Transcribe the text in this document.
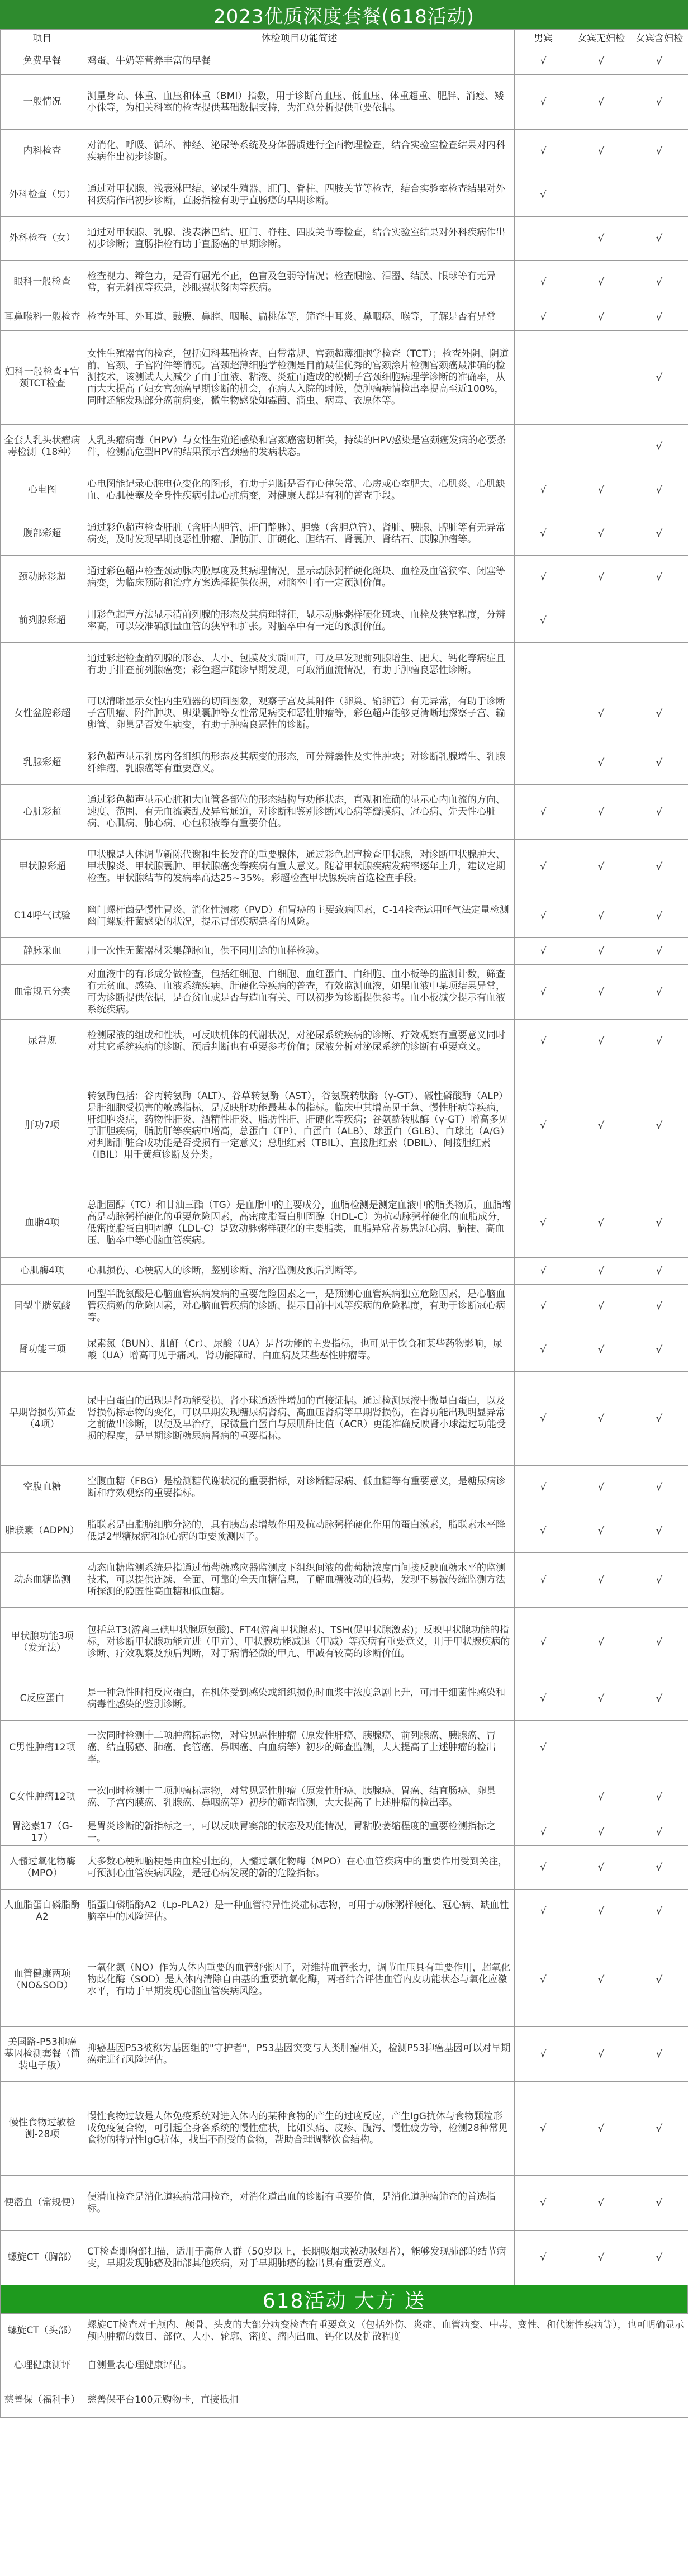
2023优质深度套餐(618活动)
项目	体检项目功能简述	男宾	女宾无妇检	女宾含妇检
免费早餐	鸡蛋、牛奶等营养丰富的早餐	√	√	√
一般情况	测量身高、体重、血压和体重（BMI）指数，用于诊断高血压、低血压、体重超重、肥胖、消瘦、矮小侏等，为相关科室的检查提供基础数据支持，为汇总分析提供重要依据。	√	√	√
内科检查	对消化、呼吸、循环、神经、泌尿等系统及身体器质进行全面物理检查，结合实验室检查结果对内科疾病作出初步诊断。	√	√	√
外科检查（男）	通过对甲状腺、浅表淋巴结、泌尿生殖器、肛门、脊柱、四肢关节等检查，结合实验室检查结果对外科疾病作出初步诊断，直肠指检有助于直肠癌的早期诊断。	√		
外科检查（女）	通过对甲状腺、乳腺、浅表淋巴结、肛门、脊柱、四肢关节等检查，结合实验室结果对外科疾病作出初步诊断；直肠指检有助于直肠癌的早期诊断。		√	√
眼科一般检查	检查视力、辩色力，是否有屈光不正，色盲及色弱等情况；检查眼睑、泪器、结膜、眼球等有无异常，有无斜视等疾患，沙眼翼状胬肉等疾病。	√	√	√
耳鼻喉科一般检查	检查外耳、外耳道、鼓膜、鼻腔、咽喉、扁桃体等，筛查中耳炎、鼻咽癌、喉等，了解是否有异常	√	√	√
妇科一般检查+宫颈TCT检查	女性生殖器官的检查，包括妇科基础检查、白带常规、宫颈超薄细胞学检查（TCT）；检查外阴、阴道前、宫颈、子宫附件等情况。宫颈超薄细胞学检测是目前最佳优秀的宫颈涂片检测宫颈癌最准确的检测技术，该测试大大减少了由于血液、粘液、炎症而造成的模糊子宫颈细胞病理学诊断的准确率，从而大大提高了妇女宫颈癌早期诊断的机会，在病人入院的时候，使肿瘤病情检出率提高至近100%，同时还能发现部分癌前病变，微生物感染如霉菌、滴虫、病毒、衣原体等。			√
全套人乳头状瘤病毒检测（18种）	人乳头瘤病毒（HPV）与女性生殖道感染和宫颈癌密切相关，持续的HPV感染是宫颈癌发病的必要条件，检测高危型HPV的结果预示宫颈癌的发病状态。			√
心电图	心电图能记录心脏电位变化的图形，有助于判断是否有心律失常、心房或心室肥大、心肌炎、心肌缺血、心肌梗塞及全身性疾病引起心脏病变，对健康人群是有利的普查手段。	√	√	√
腹部彩超	通过彩色超声检查肝脏（含肝内胆管、肝门静脉）、胆囊（含胆总管）、肾脏、胰腺、脾脏等有无异常病变，及时发现早期良恶性肿瘤、脂肪肝、肝硬化、胆结石、肾囊肿、肾结石、胰腺肿瘤等。	√	√	√
颈动脉彩超	通过彩色超声检查颈动脉内膜厚度及其病理情况，显示动脉粥样硬化斑块、血栓及血管狭窄、闭塞等病变，为临床预防和治疗方案选择提供依据，对脑卒中有一定预测价值。	√	√	√
前列腺彩超	用彩色超声方法显示清前列腺的形态及其病理特征，显示动脉粥样硬化斑块、血栓及狭窄程度，分辨率高，可以较准确测量血管的狭窄和扩张。对脑卒中有一定的预测价值。	√		
	通过彩超检查前列腺的形态、大小、包膜及实质回声，可及早发现前列腺增生、肥大、钙化等病症且有助于排查前列腺癌变；彩色超声随诊早期发现，可取消血流情况，有助于肿瘤良恶性诊断。			
女性盆腔彩超	可以清晰显示女性内生殖器的切面图象，观察子宫及其附件（卵巢、输卵管）有无异常，有助于诊断子宫肌瘤、附件肿块、卵巢囊肿等女性常见病变和恶性肿瘤等，彩色超声能够更清晰地探察子宫、输卵管、卵巢是否发生病变，有助于肿瘤良恶性的诊断。		√	√
乳腺彩超	彩色超声显示乳房内各组织的形态及其病变的形态，可分辨囊性及实性肿块；对诊断乳腺增生、乳腺纤维瘤、乳腺癌等有重要意义。		√	√
心脏彩超	通过彩色超声显示心脏和大血管各部位的形态结构与功能状态，直观和准确的显示心内血流的方向、速度、范围、有无血流紊乱及异常通道，对诊断和鉴别诊断风心病等瓣膜病、冠心病、先天性心脏病、心肌病、肺心病、心包积液等有重要价值。	√	√	√
甲状腺彩超	甲状腺是人体调节新陈代谢和生长发育的重要腺体，通过彩色超声检查甲状腺，对诊断甲状腺肿大、甲状腺炎、甲状腺囊肿、甲状腺癌变等疾病有重大意义。随着甲状腺疾病发病率逐年上升，建议定期检查。甲状腺结节的发病率高达25~35%。彩超检查甲状腺疾病首选检查手段。	√	√	√
C14呼气试验	幽门螺杆菌是慢性胃炎、消化性溃疡（PVD）和胃癌的主要致病因素，C-14检查运用呼气法定量检测幽门螺旋杆菌感染的状况，提示胃部疾病患者的风险。	√	√	√
静脉采血	用一次性无菌器材采集静脉血，供不同用途的血样检验。	√	√	√
血常规五分类	对血液中的有形成分做检查，包括红细胞、白细胞、血红蛋白、白细胞、血小板等的监测计数，筛查有无贫血、感染、血液系统疾病、肝硬化等疾病的普查，有效监测血液，如果血液中某项结果异常，可为诊断提供依据，是否贫血或是否与造血有关、可以初步为诊断提供参考。血小板减少提示有血液系统疾病。	√	√	√
尿常规	检测尿液的组成和性状，可反映机体的代谢状况，对泌尿系统疾病的诊断、疗效观察有重要意义同时对其它系统疾病的诊断、预后判断也有重要参考价值；尿液分析对泌尿系统的诊断有重要意义。	√	√	√
肝功7项	转氨酶包括：谷丙转氨酶（ALT）、谷草转氨酶（AST），谷氨酰转肽酶（γ-GT）、碱性磷酸酶（ALP）是肝细胞受损害的敏感指标，是反映肝功能最基本的指标。临床中其增高见于急、慢性肝病等疾病，肝细胞炎症，药物性肝炎、酒精性肝炎、脂肪性肝、肝硬化等疾病；谷氨酰转肽酶（γ-GT）增高多见于肝胆疾病，脂肪肝等疾病中增高，总蛋白（TP）、白蛋白（ALB）、球蛋白（GLB）、白球比（A/G）对判断肝脏合成功能是否受损有一定意义；总胆红素（TBIL）、直接胆红素（DBIL）、间接胆红素（IBIL）用于黄疸诊断及分类。	√	√	√
血脂4项	总胆固醇（TC）和甘油三酯（TG）是血脂中的主要成分，血脂检测是测定血液中的脂类物质，血脂增高是动脉粥样硬化的重要危险因素，高密度脂蛋白胆固醇（HDL-C）为抗动脉粥样硬化的血脂成分，低密度脂蛋白胆固醇（LDL-C）是致动脉粥样硬化的主要脂类，血脂异常者易患冠心病、脑梗、高血压、脑卒中等心脑血管疾病。	√	√	√
心肌酶4项	心肌损伤、心梗病人的诊断，鉴别诊断、治疗监测及预后判断等。	√	√	√
同型半胱氨酸	同型半胱氨酸是心脑血管疾病发病的重要危险因素之一，是预测心血管疾病独立危险因素，是心脑血管疾病新的危险因素，对心脑血管疾病的诊断、提示目前中风等疾病的危险程度，有助于诊断冠心病等。	√	√	√
肾功能三项	尿素氮（BUN）、肌酐（Cr）、尿酸（UA）是肾功能的主要指标，也可见于饮食和某些药物影响，尿酸（UA）增高可见于痛风、肾功能障碍、白血病及某些恶性肿瘤等。	√	√	√
早期肾损伤筛查（4项）	尿中白蛋白的出现是肾功能受损、肾小球通透性增加的直接证据。通过检测尿液中微量白蛋白，以及肾损伤标志物的变化，可以早期发现糖尿病肾病、高血压肾病等早期肾损伤，在肾功能出现明显异常之前做出诊断，以便及早治疗，尿微量白蛋白与尿肌酐比值（ACR）更能准确反映肾小球滤过功能受损的程度，是早期诊断糖尿病肾病的重要指标。	√	√	√
空腹血糖	空腹血糖（FBG）是检测糖代谢状况的重要指标，对诊断糖尿病、低血糖等有重要意义，是糖尿病诊断和疗效观察的重要指标。	√	√	√
脂联素（ADPN）	脂联素是由脂肪细胞分泌的，具有胰岛素增敏作用及抗动脉粥样硬化作用的蛋白激素，脂联素水平降低是2型糖尿病和冠心病的重要预测因子。	√	√	√
动态血糖监测	动态血糖监测系统是指通过葡萄糖感应器监测皮下组织间液的葡萄糖浓度而间接反映血糖水平的监测技术，可以提供连续、全面、可靠的全天血糖信息，了解血糖波动的趋势，发现不易被传统监测方法所探测的隐匿性高血糖和低血糖。	√	√	√
甲状腺功能3项（发光法）	包括总T3(游离三碘甲状腺原氨酸)、FT4(游离甲状腺素)、TSH(促甲状腺激素)；反映甲状腺功能的指标，对诊断甲状腺功能亢进（甲亢）、甲状腺功能减退（甲减）等疾病有重要意义，用于甲状腺疾病的诊断、疗效观察及预后判断，对于病情轻微的甲亢、甲减有较高的诊断价值。	√	√	√
C反应蛋白	是一种急性时相反应蛋白，在机体受到感染或组织损伤时血浆中浓度急剧上升，可用于细菌性感染和病毒性感染的鉴别诊断。	√	√	√
C男性肿瘤12项	一次同时检测十二项肿瘤标志物，对常见恶性肿瘤（原发性肝癌、胰腺癌、前列腺癌、胰腺癌、胃癌、结直肠癌、肺癌、食管癌、鼻咽癌、白血病等）初步的筛查监测，大大提高了上述肿瘤的检出率。	√		
C女性肿瘤12项	一次同时检测十二项肿瘤标志物，对常见恶性肿瘤（原发性肝癌、胰腺癌、胃癌、结直肠癌、卵巢癌、子宫内膜癌、乳腺癌、鼻咽癌等）初步的筛查监测，大大提高了上述肿瘤的检出率。		√	√
胃泌素17（G-17）	是胃炎诊断的新指标之一，可以反映胃窦部的状态及功能情况，胃粘膜萎缩程度的重要检测指标之一。	√	√	√
人髓过氧化物酶（MPO）	大多数心梗和脑梗是由血栓引起的，人髓过氧化物酶（MPO）在心血管疾病中的重要作用受到关注，可预测心血管疾病风险，是冠心病发展的新的危险指标。	√	√	√
人血脂蛋白磷脂酶A2	脂蛋白磷脂酶A2（Lp-PLA2）是一种血管特异性炎症标志物，可用于动脉粥样硬化、冠心病、缺血性脑卒中的风险评估。	√	√	√
血管健康两项（NO&SOD）	一氧化氮（NO）作为人体内重要的血管舒张因子，对维持血管张力，调节血压具有重要作用，超氧化物歧化酶（SOD）是人体内清除自由基的重要抗氧化酶，两者结合评估血管内皮功能状态与氧化应激水平，有助于早期发现心脑血管疾病风险。	√	√	√
美国路-P53抑癌基因检测套餐（简装电子版）	抑癌基因P53被称为基因组的"守护者"，P53基因突变与人类肿瘤相关，检测P53抑癌基因可以对早期癌症进行风险评估。	√	√	√
慢性食物过敏检测-28项	慢性食物过敏是人体免疫系统对进入体内的某种食物的产生的过度反应，产生IgG抗体与食物颗粒形成免疫复合物，可引起全身各系统的慢性症状，比如头痛、皮疹、腹泻、慢性疲劳等，检测28种常见食物的特异性IgG抗体，找出不耐受的食物，帮助合理调整饮食结构。	√	√	√
便潜血（常规便）	便潜血检查是消化道疾病常用检查，对消化道出血的诊断有重要价值，是消化道肿瘤筛查的首选指标。	√	√	√
螺旋CT（胸部）	CT检查即胸部扫描，适用于高危人群（50岁以上，长期吸烟或被动吸烟者），能够发现肺部的结节病变，早期发现肺癌及肺部其他疾病，对于早期肺癌的检出具有重要意义。	√	√	√
618活动 大方 送
螺旋CT（头部）	螺旋CT检查对于颅内、颅骨、头皮的大部分病变检查有重要意义（包括外伤、炎症、血管病变、中毒、变性、和代谢性疾病等），也可明确显示颅内肿瘤的数目、部位、大小、轮廓、密度、瘤内出血、钙化以及扩散程度
心理健康测评	自测量表心理健康评估。
慈善保（福利卡）	慈善保平台100元购物卡，直接抵扣
